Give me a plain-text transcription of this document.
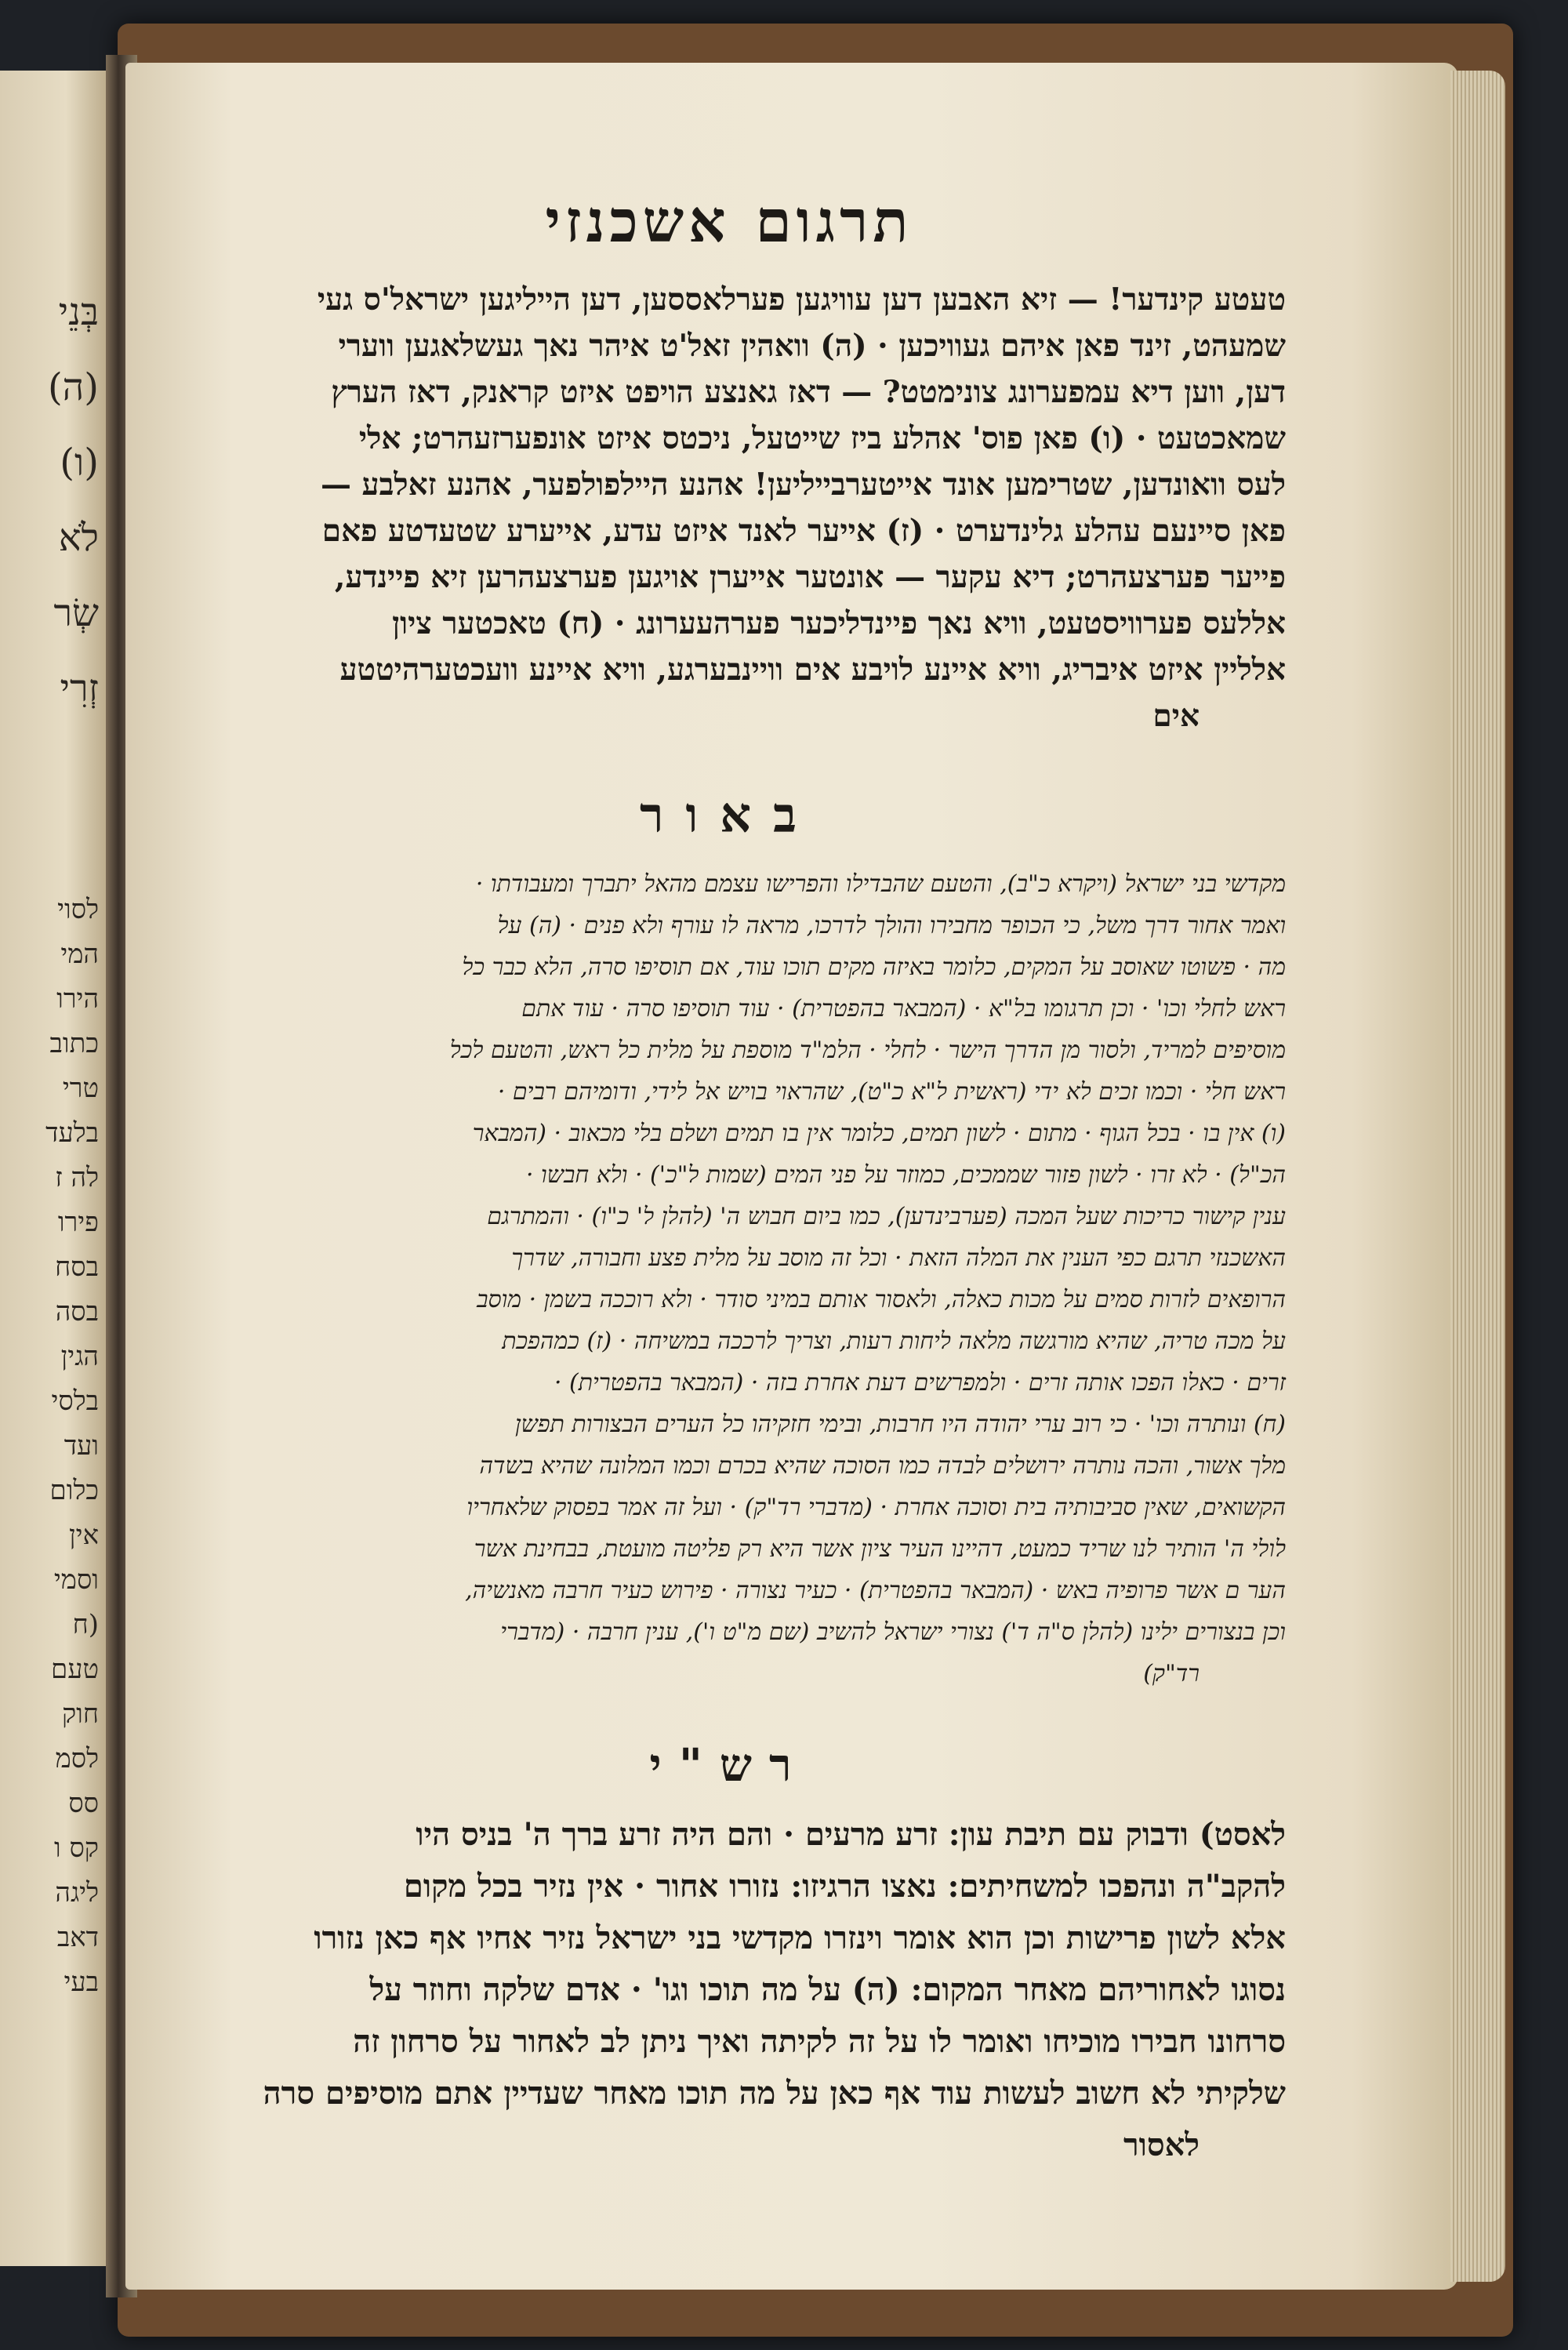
בְּנֵי
(ה)
(ו)
לֹא
שְׂר
זְרִי
לסוי
המי
הירו
כתוב
טרי
בלעד
לה ז
פירו
בסח
בסה
הגין
בלסי
ועד
כלום
אין
וסמי
(ח
טעם
חוק
לסמ
סס
קס ו
ליגה
דאב
בעי
תרגום אשכנזי

טעטע קינדער! — זיא האבען דען עוויגען פערלאססען, דען הייליגען ישראל'ס געי

שמעהט, זינד פאן איהם געוויכען · (ה) וואהין זאל'ט איהר נאך געשלאגען ווערי

דען, ווען דיא עמפערונג צונימטט? — דאז גאנצע הויפט איזט קראנק, דאז הערץ

שמאכטעט · (ו) פאן פוס' אהלע ביז שייטעל, ניכטס איזט אונפערזעהרט; אלי

לעס וואונדען, שטרימען אונד אייטערבייליען! אהנע היילפולפער, אהנע זאלבע —

פאן סיינעם עהלע גלינדערט · (ז) אייער לאנד איזט עדע, אייערע שטעדטע פאם

פייער פערצעהרט; דיא עקער — אונטער אייערן אויגען פערצעהרען זיא פיינדע,

אללעס פערוויסטעט, וויא נאך פיינדליכער פערהעערונג · (ח) טאכטער ציון

אלליין איזט איבריג, וויא איינע לויבע אים וויינבערגע, וויא איינע וועכטערהיטטע

אים

באור

מקדשי בני ישראל (ויקרא כ"ב), והטעם שהבדילו והפרישו עצמם מהאל יתברך ומעבודתו ·

ואמר אחור דרך משל, כי הכופר מחבירו והולך לדרכו, מראה לו עורף ולא פנים · (ה) על

מה · פשוטו שאוסב על המקים, כלומר באיזה מקים תוכו עוד, אם תוסיפו סרה, הלא כבר כל

ראש לחלי וכו' · וכן תרגומו בל"א · (המבאר בהפטרית) · עוד תוסיפו סרה · עוד אתם

מוסיפים למריד, ולסור מן הדרך הישר · לחלי · הלמ"ד מוספת על מלית כל ראש, והטעם לכל

ראש חלי · וכמו זכים לא ידי (ראשית ל"א כ"ט), שהראוי בויש אל לידי, ודומיהם רבים ·

(ו) אין בו · בכל הגוף · מתום · לשון תמים, כלומר אין בו תמים ושלם בלי מכאוב · (המבאר

הכ"ל) · לא זרו · לשון פזור שממכים, כמוזר על פני המים (שמות ל"כ') · ולא חבשו ·

ענין קישור כריכות שעל המכה (פערבינדען), כמו ביום חבוש ה' (להלן ל' כ"ו) · והמתרגם

האשכנזי תרגם כפי הענין את המלה הזאת · וכל זה מוסב על מלית פצע וחבורה, שדרך

הרופאים לזרות סמים על מכות כאלה, ולאסור אותם במיני סודר · ולא רוככה בשמן · מוסב

על מכה טריה, שהיא מורגשה מלאה ליחות רעות, וצריך לרככה במשיחה · (ז) כמהפכת

זרים · כאלו הפכו אותה זרים · ולמפרשים דעת אחרת בזה · (המבאר בהפטרית) ·

(ח) ונותרה וכו' · כי רוב ערי יהודה היו חרבות, ובימי חזקיהו כל הערים הבצורות תפשן

מלך אשור, והכה נותרה ירושלים לבדה כמו הסוכה שהיא בכרם וכמו המלונה שהיא בשדה

הקשואים, שאין סביבותיה בית וסוכה אחרת · (מדברי רד"ק) · ועל זה אמר בפסוק שלאחריו

לולי ה' הותיר לנו שריד כמעט, דהיינו העיר ציון אשר היא רק פליטה מועטת, בבחינת אשר

הער ם אשר פרופיה באש · (המבאר בהפטרית) · כעיר נצורה · פירוש כעיר חרבה מאנשיה,

וכן בנצורים ילינו (להלן ס"ה ד') נצורי ישראל להשיב (שם מ"ט ו'), ענין חרבה · (מדברי

רד"ק)

רש"י

לאסט) ודבוק עם תיבת עון: זרע מרעים · והם היה זרע ברך ה' בניס היו

להקב"ה ונהפכו למשחיתים: נאצו הרגיזו: נזורו אחור · אין נזיר בכל מקום

אלא לשון פרישות וכן הוא אומר וינזרו מקדשי בני ישראל נזיר אחיו אף כאן נזורו

נסוגו לאחוריהם מאחר המקום: (ה) על מה תוכו וגו' · אדם שלקה וחוזר על

סרחונו חבירו מוכיחו ואומר לו על זה לקיתה ואיך ניתן לב לאחור על סרחון זה

שלקיתי לא חשוב לעשות עוד אף כאן על מה תוכו מאחר שעדיין אתם מוסיפים סרה

לאסור
